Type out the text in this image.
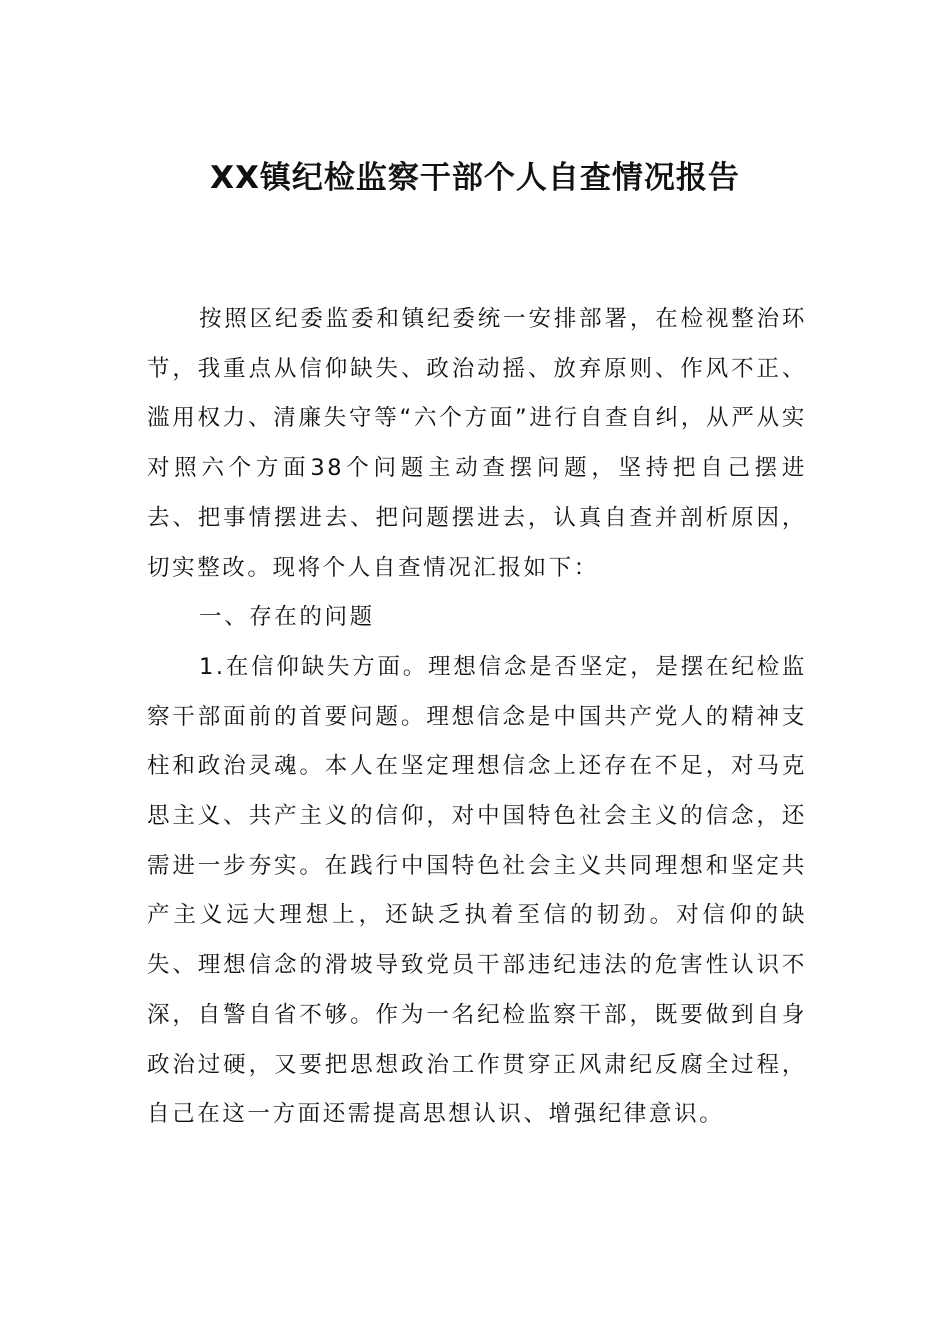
XX镇纪检监察干部个人自查情况报告

按照区纪委监委和镇纪委统一安排部署，在检视整治环节，我重点从信仰缺失、政治动摇、放弃原则、作风不正、滥用权力、清廉失守等“六个方面”进行自查自纠，从严从实对照六个方面38个问题主动查摆问题，坚持把自己摆进去、把事情摆进去、把问题摆进去，认真自查并剖析原因，切实整改。现将个人自查情况汇报如下：

一、存在的问题

1.在信仰缺失方面。理想信念是否坚定，是摆在纪检监察干部面前的首要问题。理想信念是中国共产党人的精神支柱和政治灵魂。本人在坚定理想信念上还存在不足，对马克思主义、共产主义的信仰，对中国特色社会主义的信念，还需进一步夯实。在践行中国特色社会主义共同理想和坚定共产主义远大理想上，还缺乏执着至信的韧劲。对信仰的缺失、理想信念的滑坡导致党员干部违纪违法的危害性认识不深，自警自省不够。作为一名纪检监察干部，既要做到自身政治过硬，又要把思想政治工作贯穿正风肃纪反腐全过程，自己在这一方面还需提高思想认识、增强纪律意识。
